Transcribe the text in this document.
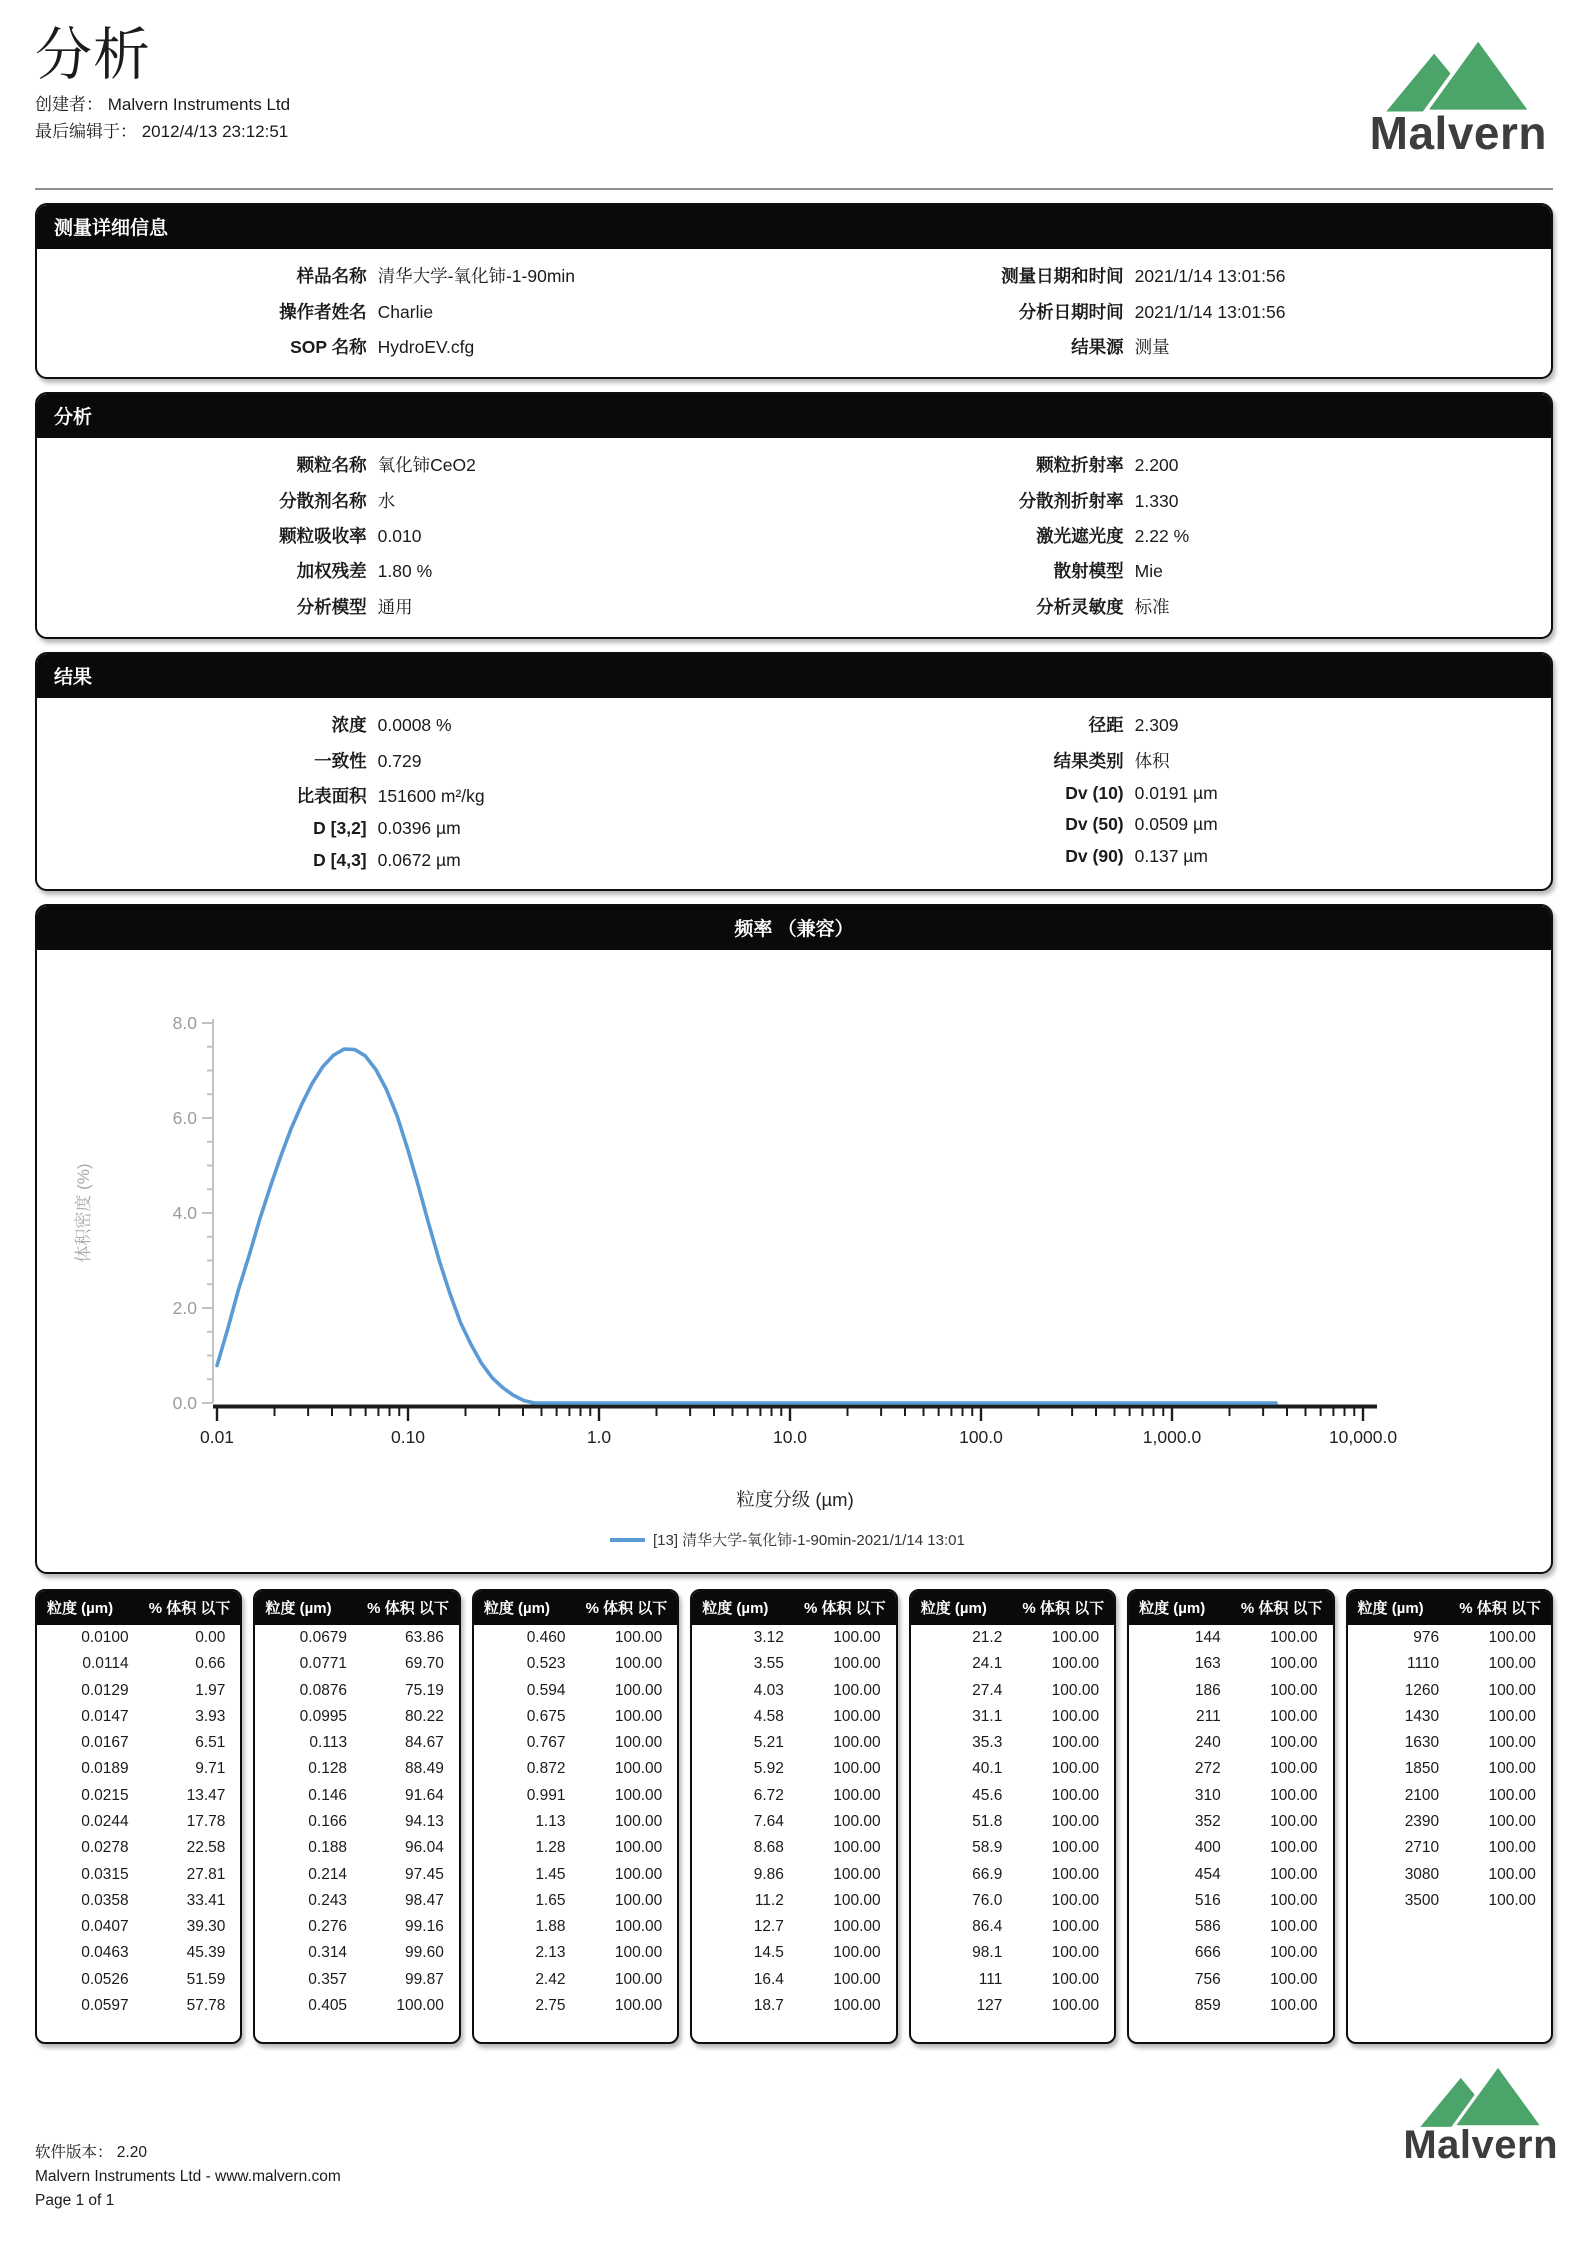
分析
创建者： Malvern Instruments Ltd
最后编辑于： 2012/4/13 23:12:51	Malvern
测量详细信息
样品名称 清华大学-氧化铈-1-90min
操作者姓名 Charlie
SOP 名称 HydroEV.cfg
测量日期和时间 2021/1/14 13:01:56
分析日期时间 2021/1/14 13:01:56
结果源 测量
分析
颗粒名称 氧化铈CeO2
分散剂名称 水
颗粒吸收率 0.010
加权残差 1.80 %
分析模型 通用
颗粒折射率 2.200
分散剂折射率 1.330
激光遮光度 2.22 %
散射模型 Mie
分析灵敏度 标准
结果
浓度 0.0008 %
一致性 0.729
比表面积 151600 m²/kg
D [3,2] 0.0396 µm
D [4,3] 0.0672 µm
径距 2.309
结果类别 体积
Dv (10) 0.0191 µm
Dv (50) 0.0509 µm
Dv (90) 0.137 µm
频率 （兼容）
0.0
2.0
4.0
6.0
8.0
体积密度 (%)
0.01	0.10	1.0	10.0	100.0	1,000.0	10,000.0
粒度分级 (µm)
[13] 清华大学-氧化铈-1-90min-2021/1/14 13:01
粒度 (µm) % 体积 以下
0.0100	0.00
0.0114	0.66
0.0129	1.97
0.0147	3.93
0.0167	6.51
0.0189	9.71
0.0215	13.47
0.0244	17.78
0.0278	22.58
0.0315	27.81
0.0358	33.41
0.0407	39.30
0.0463	45.39
0.0526	51.59
0.0597	57.78
粒度 (µm) % 体积 以下
0.0679	63.86
0.0771	69.70
0.0876	75.19
0.0995	80.22
0.113	84.67
0.128	88.49
0.146	91.64
0.166	94.13
0.188	96.04
0.214	97.45
0.243	98.47
0.276	99.16
0.314	99.60
0.357	99.87
0.405	100.00
粒度 (µm) % 体积 以下
0.460	100.00
0.523	100.00
0.594	100.00
0.675	100.00
0.767	100.00
0.872	100.00
0.991	100.00
1.13	100.00
1.28	100.00
1.45	100.00
1.65	100.00
1.88	100.00
2.13	100.00
2.42	100.00
2.75	100.00
粒度 (µm) % 体积 以下
3.12	100.00
3.55	100.00
4.03	100.00
4.58	100.00
5.21	100.00
5.92	100.00
6.72	100.00
7.64	100.00
8.68	100.00
9.86	100.00
11.2	100.00
12.7	100.00
14.5	100.00
16.4	100.00
18.7	100.00
粒度 (µm) % 体积 以下
21.2	100.00
24.1	100.00
27.4	100.00
31.1	100.00
35.3	100.00
40.1	100.00
45.6	100.00
51.8	100.00
58.9	100.00
66.9	100.00
76.0	100.00
86.4	100.00
98.1	100.00
111	100.00
127	100.00
粒度 (µm) % 体积 以下
144	100.00
163	100.00
186	100.00
211	100.00
240	100.00
272	100.00
310	100.00
352	100.00
400	100.00
454	100.00
516	100.00
586	100.00
666	100.00
756	100.00
859	100.00
粒度 (µm) % 体积 以下
976	100.00
1110	100.00
1260	100.00
1430	100.00
1630	100.00
1850	100.00
2100	100.00
2390	100.00
2710	100.00
3080	100.00
3500	100.00
软件版本： 2.20
Malvern Instruments Ltd - www.malvern.com
Page 1 of 1
Malvern
